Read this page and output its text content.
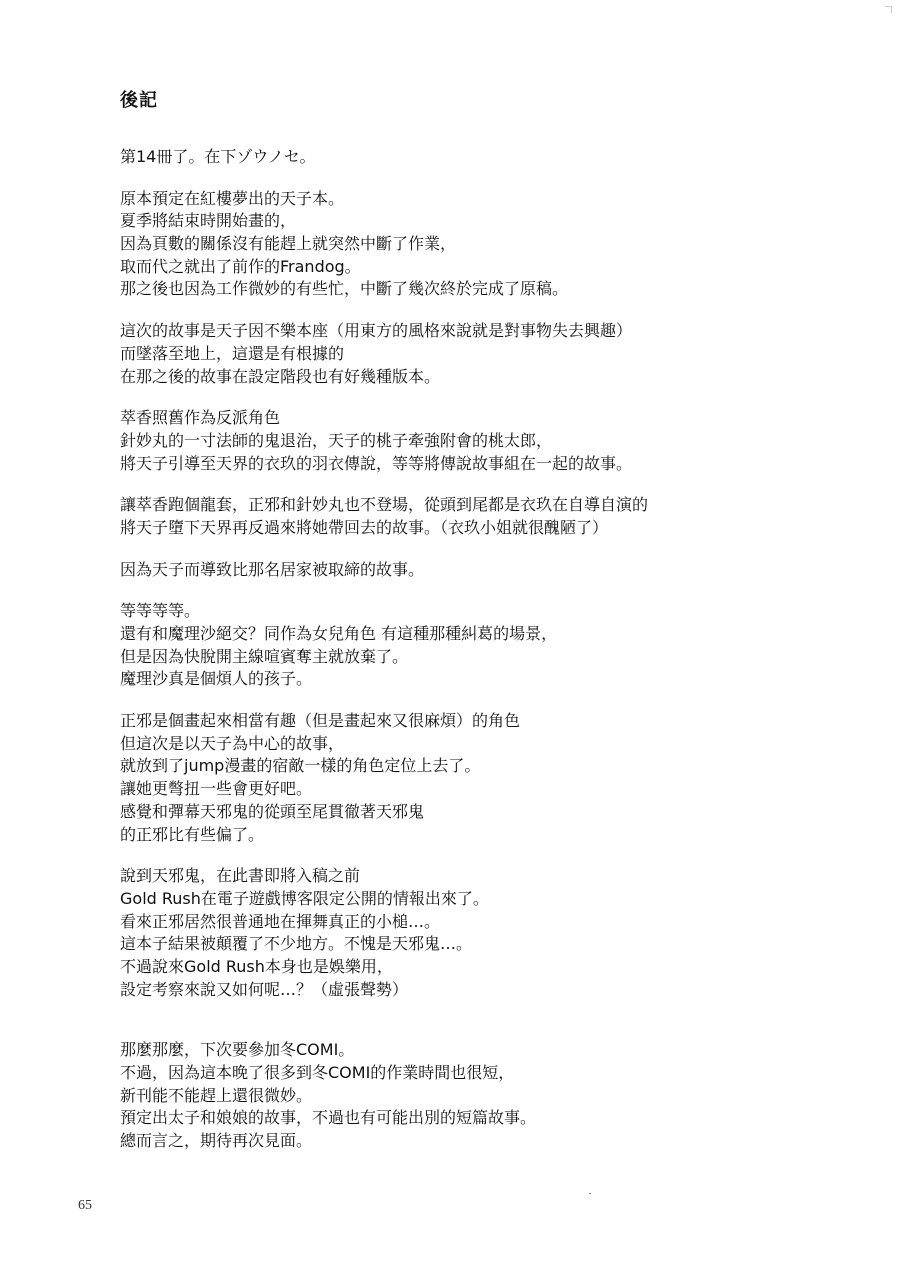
後記
第14冊了。在下ゾウノセ。
原本預定在紅樓夢出的天子本。
夏季將結束時開始畫的，
因為頁數的關係沒有能趕上就突然中斷了作業，
取而代之就出了前作的Frandog。
那之後也因為工作微妙的有些忙，中斷了幾次終於完成了原稿。
這次的故事是天子因不樂本座（用東方的風格來說就是對事物失去興趣）
而墜落至地上，這還是有根據的
在那之後的故事在設定階段也有好幾種版本。
萃香照舊作為反派角色
針妙丸的一寸法師的鬼退治，天子的桃子牽強附會的桃太郎，
將天子引導至天界的衣玖的羽衣傳說，等等將傳說故事組在一起的故事。
讓萃香跑個龍套，正邪和針妙丸也不登場，從頭到尾都是衣玖在自導自演的
將天子墮下天界再反過來將她帶回去的故事。（衣玖小姐就很醜陋了）
因為天子而導致比那名居家被取締的故事。
等等等等。
還有和魔理沙絕交？同作為女兒角色 有這種那種糾葛的場景，
但是因為快脫開主線喧賓奪主就放棄了。
魔理沙真是個煩人的孩子。
正邪是個畫起來相當有趣（但是畫起來又很麻煩）的角色
但這次是以天子為中心的故事，
就放到了jump漫畫的宿敵一樣的角色定位上去了。
讓她更彆扭一些會更好吧。
感覺和彈幕天邪鬼的從頭至尾貫徹著天邪鬼
的正邪比有些偏了。
說到天邪鬼，在此書即將入稿之前
Gold Rush在電子遊戲博客限定公開的情報出來了。
看來正邪居然很普通地在揮舞真正的小槌…。
這本子結果被顛覆了不少地方。不愧是天邪鬼…。
不過說來Gold Rush本身也是娛樂用，
設定考察來說又如何呢…？（虛張聲勢）
那麼那麼，下次要參加冬COMI。
不過，因為這本晚了很多到冬COMI的作業時間也很短，
新刊能不能趕上還很微妙。
預定出太子和娘娘的故事，不過也有可能出別的短篇故事。
總而言之，期待再次見面。
65
